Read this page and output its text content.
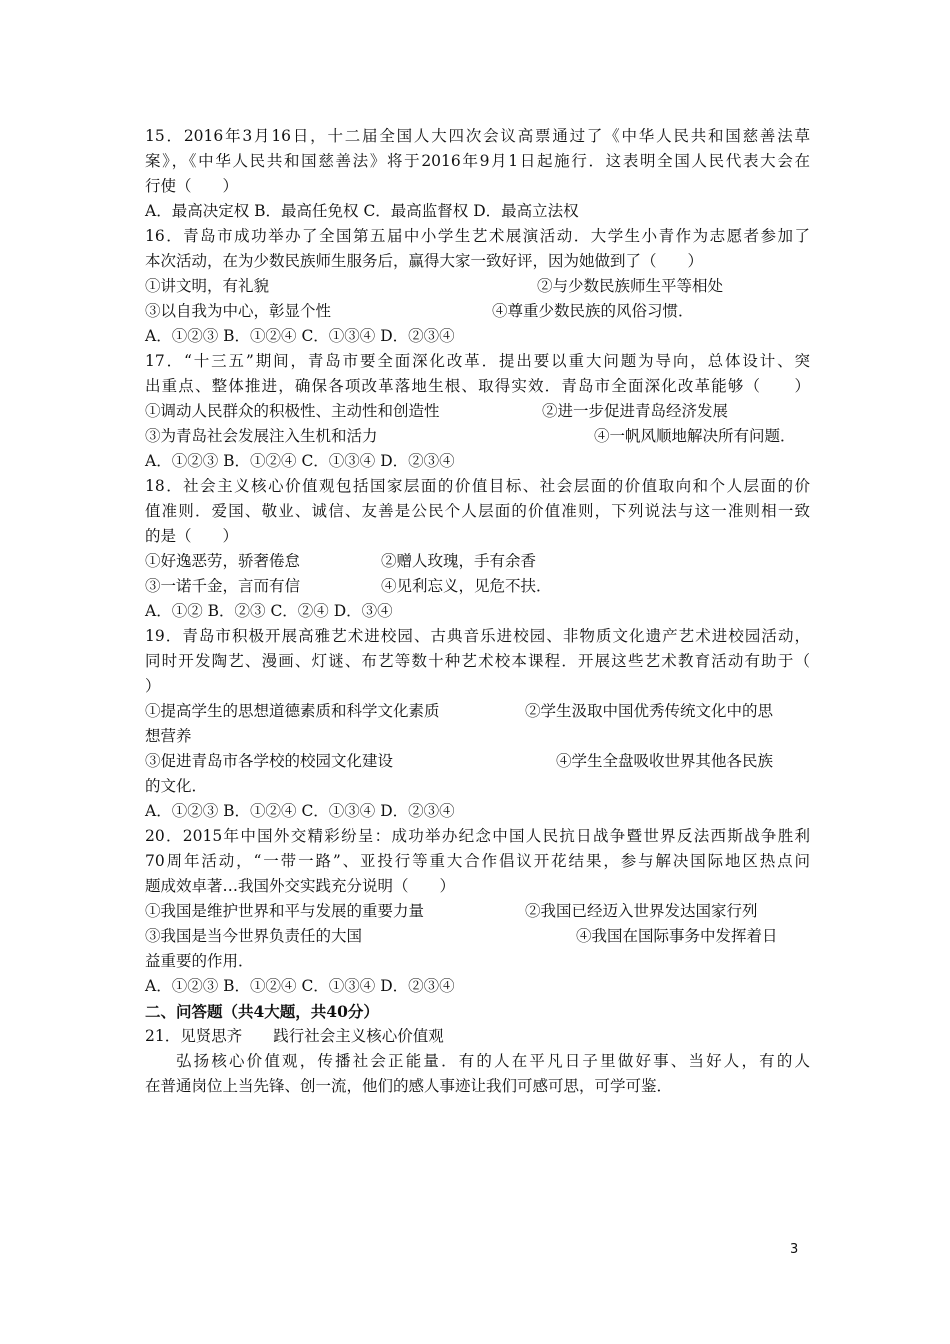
15．2016年3月16日，十二届全国人大四次会议高票通过了《中华人民共和国慈善法草
案》，《中华人民共和国慈善法》将于2016年9月1日起施行．这表明全国人民代表大会在
行使（　　）
A．最高决定权 B．最高任免权 C．最高监督权 D．最高立法权
16．青岛市成功举办了全国第五届中小学生艺术展演活动．大学生小青作为志愿者参加了
本次活动，在为少数民族师生服务后，赢得大家一致好评，因为她做到了（　　）
①讲文明，有礼貌	②与少数民族师生平等相处
③以自我为中心，彰显个性	④尊重少数民族的风俗习惯．
A．①②③ B．①②④ C．①③④ D．②③④
17．“十三五”期间，青岛市要全面深化改革．提出要以重大问题为导向，总体设计、突
出重点、整体推进，确保各项改革落地生根、取得实效．青岛市全面深化改革能够（　　）
①调动人民群众的积极性、主动性和创造性	②进一步促进青岛经济发展
③为青岛社会发展注入生机和活力	④一帆风顺地解决所有问题．
A．①②③ B．①②④ C．①③④ D．②③④
18．社会主义核心价值观包括国家层面的价值目标、社会层面的价值取向和个人层面的价
值准则．爱国、敬业、诚信、友善是公民个人层面的价值准则，下列说法与这一准则相一致
的是（　　）
①好逸恶劳，骄奢倦怠	②赠人玫瑰，手有余香
③一诺千金，言而有信	④见利忘义，见危不扶．
A．①② B．②③ C．②④ D．③④
19．青岛市积极开展高雅艺术进校园、古典音乐进校园、非物质文化遗产艺术进校园活动，
同时开发陶艺、漫画、灯谜、布艺等数十种艺术校本课程．开展这些艺术教育活动有助于（
）
①提高学生的思想道德素质和科学文化素质	②学生汲取中国优秀传统文化中的思
想营养
③促进青岛市各学校的校园文化建设	④学生全盘吸收世界其他各民族
的文化．
A．①②③ B．①②④ C．①③④ D．②③④
20．2015年中国外交精彩纷呈：成功举办纪念中国人民抗日战争暨世界反法西斯战争胜利
70周年活动，“一带一路”、亚投行等重大合作倡议开花结果，参与解决国际地区热点问
题成效卓著…我国外交实践充分说明（　　）
①我国是维护世界和平与发展的重要力量	②我国已经迈入世界发达国家行列
③我国是当今世界负责任的大国	④我国在国际事务中发挥着日
益重要的作用．
A．①②③ B．①②④ C．①③④ D．②③④
二、问答题（共4大题，共40分）
21．见贤思齐　　践行社会主义核心价值观
弘扬核心价值观，传播社会正能量．有的人在平凡日子里做好事、当好人，有的人
在普通岗位上当先锋、创一流，他们的感人事迹让我们可感可思，可学可鉴．
3
